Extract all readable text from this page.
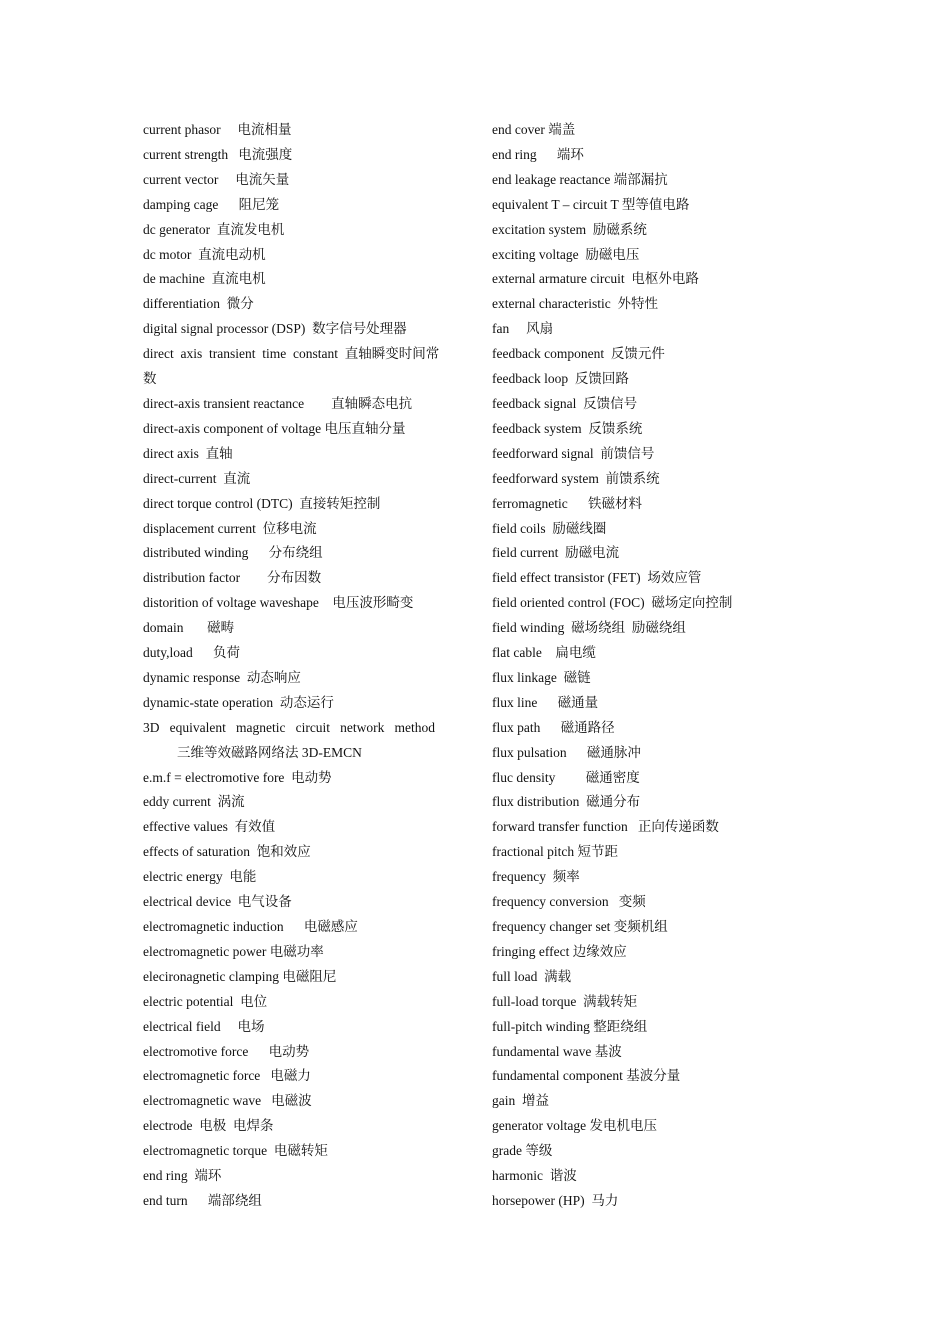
current phasor     电流相量
current strength   电流强度
current vector     电流矢量
damping cage      阻尼笼
dc generator  直流发电机
dc motor  直流电动机
de machine  直流电机
differentiation  微分
digital signal processor (DSP)  数字信号处理器
direct  axis  transient  time  constant  直轴瞬变时间常
数
direct-axis transient reactance        直轴瞬态电抗
direct-axis component of voltage 电压直轴分量
direct axis  直轴
direct-current  直流
direct torque control (DTC)  直接转矩控制
displacement current  位移电流
distributed winding      分布绕组
distribution factor        分布因数
distorition of voltage waveshape    电压波形畸变
domain       磁畴
duty,load      负荷
dynamic response  动态响应
dynamic-state operation  动态运行
3D   equivalent   magnetic   circuit   network   method
三维等效磁路网络法 3D-EMCN
e.m.f = electromotive fore  电动势
eddy current  涡流
effective values  有效值
effects of saturation  饱和效应
electric energy  电能
electrical device  电气设备
electromagnetic induction      电磁感应
electromagnetic power 电磁功率
elecironagnetic clamping 电磁阻尼
electric potential  电位
electrical field     电场
electromotive force      电动势
electromagnetic force   电磁力
electromagnetic wave   电磁波
electrode  电极  电焊条
electromagnetic torque  电磁转矩
end ring  端环
end turn      端部绕组
end cover 端盖
end ring      端环
end leakage reactance 端部漏抗
equivalent T – circuit T 型等值电路
excitation system  励磁系统
exciting voltage  励磁电压
external armature circuit  电枢外电路
external characteristic  外特性
fan     风扇
feedback component  反馈元件
feedback loop  反馈回路
feedback signal  反馈信号
feedback system  反馈系统
feedforward signal  前馈信号
feedforward system  前馈系统
ferromagnetic      铁磁材料
field coils  励磁线圈
field current  励磁电流
field effect transistor (FET)  场效应管
field oriented control (FOC)  磁场定向控制
field winding  磁场绕组  励磁绕组
flat cable    扁电缆
flux linkage  磁链
flux line      磁通量
flux path      磁通路径
flux pulsation      磁通脉冲
fluc density         磁通密度
flux distribution  磁通分布
forward transfer function   正向传递函数
fractional pitch 短节距
frequency  频率
frequency conversion   变频
frequency changer set 变频机组
fringing effect 边缘效应
full load  满载
full-load torque  满载转矩
full-pitch winding 整距绕组
fundamental wave 基波
fundamental component 基波分量
gain  增益
generator voltage 发电机电压
grade 等级
harmonic  谐波
horsepower (HP)  马力
